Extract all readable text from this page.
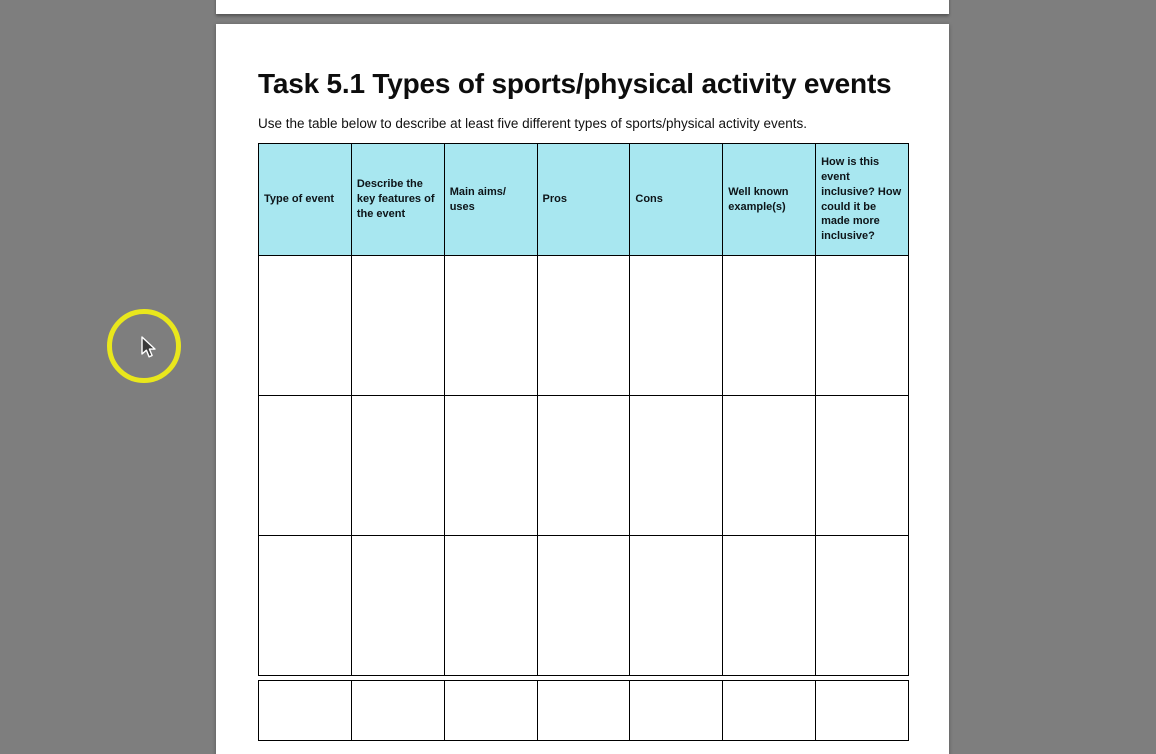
Task 5.1 Types of sports/physical activity events

Use the table below to describe at least five different types of sports/physical activity events.

Type of event	Describe the key features of the event	Main aims/ uses	Pros	Cons	Well known example(s)	How is this event inclusive? How could it be made more inclusive?
